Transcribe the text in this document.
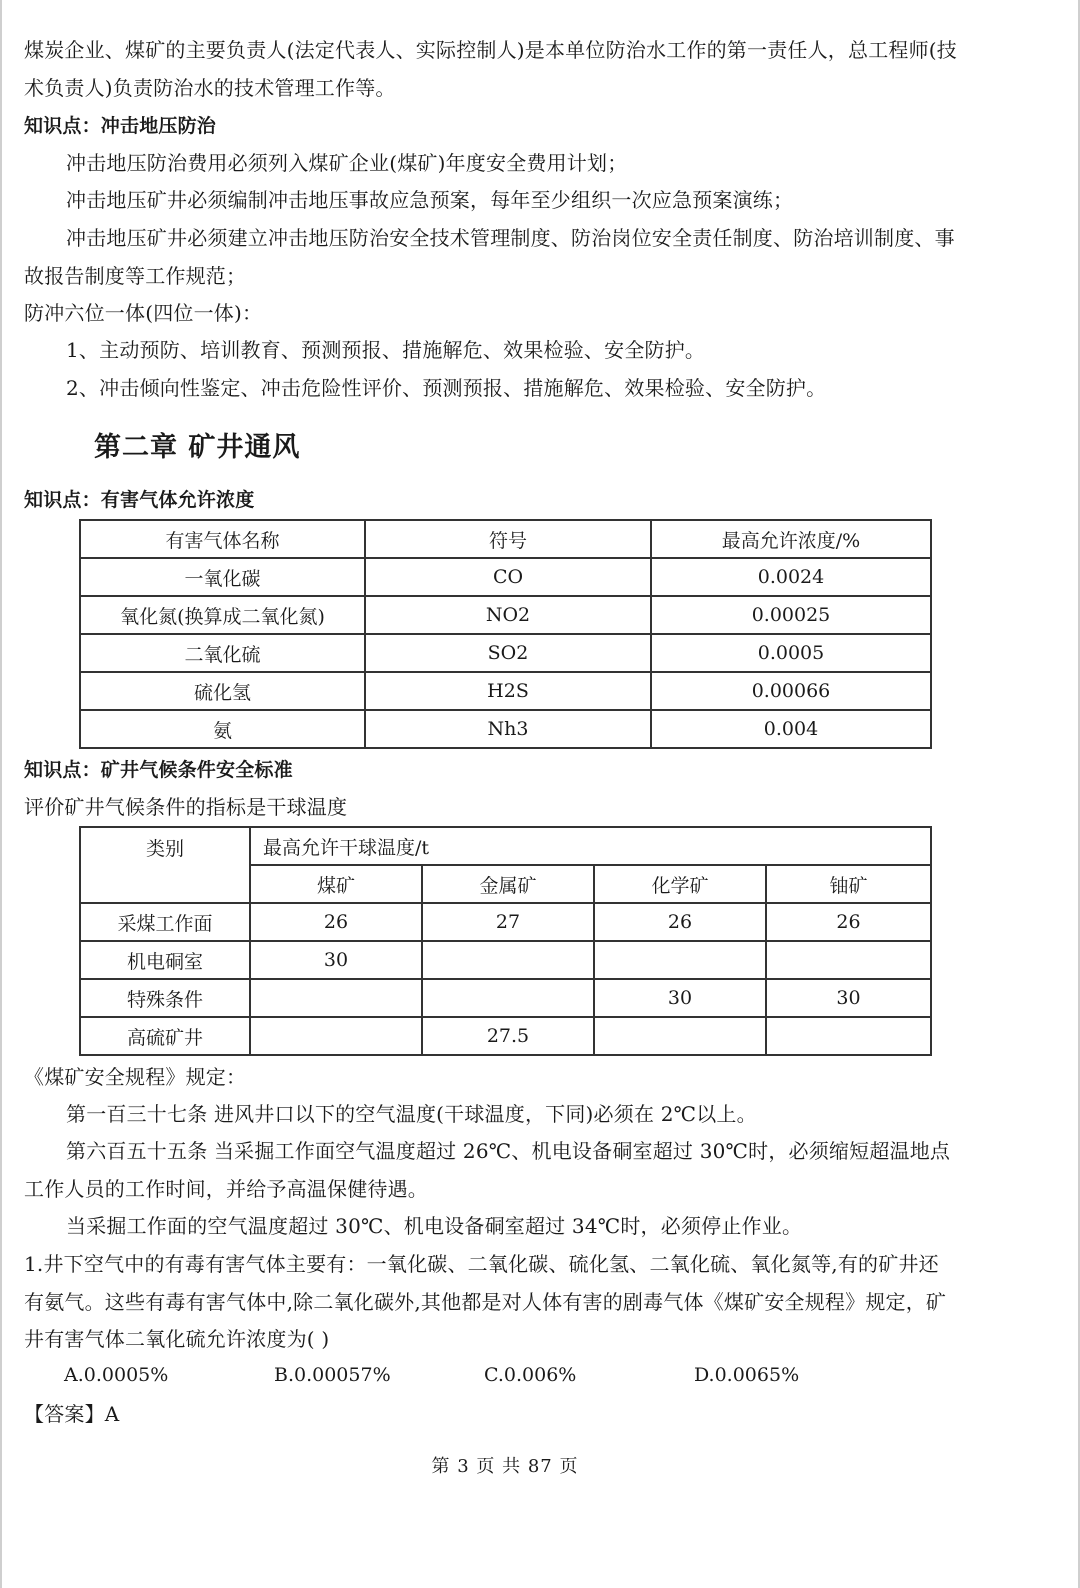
煤炭企业、煤矿的主要负责人(法定代表人、实际控制人)是本单位防治水工作的第一责任人，总工程师(技
术负责人)负责防治水的技术管理工作等。
知识点：冲击地压防治
冲击地压防治费用必须列入煤矿企业(煤矿)年度安全费用计划；
冲击地压矿井必须编制冲击地压事故应急预案，每年至少组织一次应急预案演练；
冲击地压矿井必须建立冲击地压防治安全技术管理制度、防治岗位安全责任制度、防治培训制度、事
故报告制度等工作规范；
防冲六位一体(四位一体)：
1、主动预防、培训教育、预测预报、措施解危、效果检验、安全防护。
2、冲击倾向性鉴定、冲击危险性评价、预测预报、措施解危、效果检验、安全防护。
第二章 矿井通风
知识点：有害气体允许浓度
有害气体名称	符号	最高允许浓度/%
一氧化碳	CO	0.0024
氧化氮(换算成二氧化氮)	NO2	0.00025
二氧化硫	SO2	0.0005
硫化氢	H2S	0.00066
氨	Nh3	0.004
知识点：矿井气候条件安全标准
评价矿井气候条件的指标是干球温度
类别	最高允许干球温度/t			
	煤矿	金属矿	化学矿	铀矿
采煤工作面	26	27	26	26
机电硐室	30			
特殊条件			30	30
高硫矿井		27.5		
《煤矿安全规程》规定：
第一百三十七条 进风井口以下的空气温度(干球温度，下同)必须在 2℃以上。
第六百五十五条 当采掘工作面空气温度超过 26℃、机电设备硐室超过 30℃时，必须缩短超温地点
工作人员的工作时间，并给予高温保健待遇。
当采掘工作面的空气温度超过 30℃、机电设备硐室超过 34℃时，必须停止作业。
1.井下空气中的有毒有害气体主要有：一氧化碳、二氧化碳、硫化氢、二氧化硫、氧化氮等,有的矿井还
有氨气。这些有毒有害气体中,除二氧化碳外,其他都是对人体有害的剧毒气体《煤矿安全规程》规定，矿
井有害气体二氧化硫允许浓度为( )
A.0.0005%	B.0.00057%	C.0.006%	D.0.0065%
【答案】A
第 3 页 共 87 页
